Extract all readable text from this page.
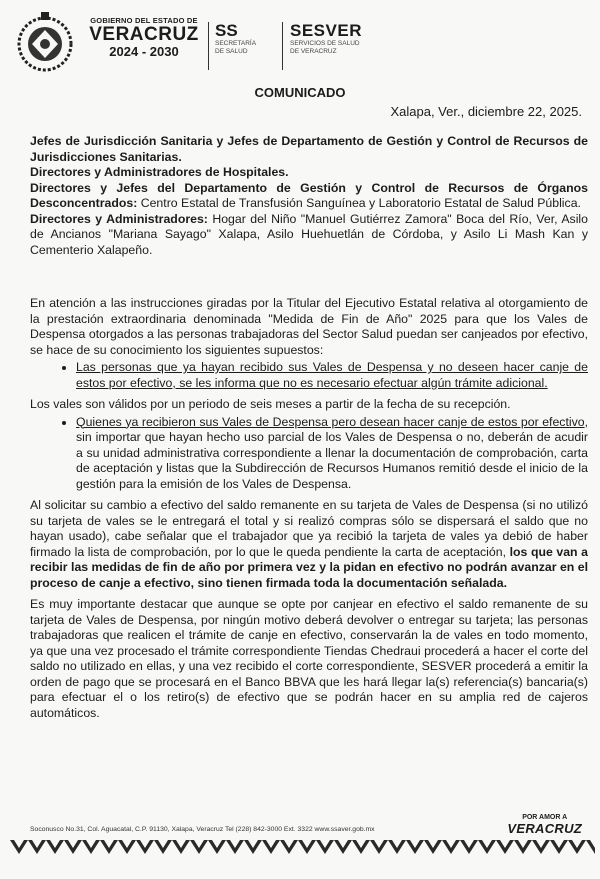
GOBIERNO DEL ESTADO DE
VERACRUZ
2024 - 2030
SS
SECRETARÍA
DE SALUD
SESVER
SERVICIOS DE SALUD
DE VERACRUZ
COMUNICADO
Xalapa, Ver., diciembre 22, 2025.

Jefes de Jurisdicción Sanitaria y Jefes de Departamento de Gestión y Control de Recursos de Jurisdicciones Sanitarias.

Directores y Administradores de Hospitales.

Directores y Jefes del Departamento de Gestión y Control de Recursos de Órganos Desconcentrados: Centro Estatal de Transfusión Sanguínea y Laboratorio Estatal de Salud Pública.

Directores y Administradores: Hogar del Niño "Manuel Gutiérrez Zamora" Boca del Río, Ver, Asilo de Ancianos "Mariana Sayago" Xalapa, Asilo Huehuetlán de Córdoba, y Asilo Li Mash Kan y Cementerio Xalapeño.

En atención a las instrucciones giradas por la Titular del Ejecutivo Estatal relativa al otorgamiento de la prestación extraordinaria denominada "Medida de Fin de Año" 2025 para que los Vales de Despensa otorgados a las personas trabajadoras del Sector Salud puedan ser canjeados por efectivo, se hace de su conocimiento los siguientes supuestos:

• Las personas que ya hayan recibido sus Vales de Despensa y no deseen hacer canje de estos por efectivo, se les informa que no es necesario efectuar algún trámite adicional.

Los vales son válidos por un periodo de seis meses a partir de la fecha de su recepción.

• Quienes ya recibieron sus Vales de Despensa pero desean hacer canje de estos por efectivo, sin importar que hayan hecho uso parcial de los Vales de Despensa o no, deberán de acudir a su unidad administrativa correspondiente a llenar la documentación de comprobación, carta de aceptación y listas que la Subdirección de Recursos Humanos remitió desde el inicio de la gestión para la emisión de los Vales de Despensa.

Al solicitar su cambio a efectivo del saldo remanente en su tarjeta de Vales de Despensa (si no utilizó su tarjeta de vales se le entregará el total y si realizó compras sólo se dispersará el saldo que no hayan usado), cabe señalar que el trabajador que ya recibió la tarjeta de vales ya debió de haber firmado la lista de comprobación, por lo que le queda pendiente la carta de aceptación, los que van a recibir las medidas de fin de año por primera vez y la pidan en efectivo no podrán avanzar en el proceso de canje a efectivo, sino tienen firmada toda la documentación señalada.

Es muy importante destacar que aunque se opte por canjear en efectivo el saldo remanente de su tarjeta de Vales de Despensa, por ningún motivo deberá devolver o entregar su tarjeta; las personas trabajadoras que realicen el trámite de canje en efectivo, conservarán la de vales en todo momento, ya que una vez procesado el trámite correspondiente Tiendas Chedraui procederá a hacer el corte del saldo no utilizado en ellas, y una vez recibido el corte correspondiente, SESVER procederá a emitir la orden de pago que se procesará en el Banco BBVA que les hará llegar la(s) referencia(s) bancaria(s) para efectuar el o los retiro(s) de efectivo que se podrán hacer en su amplia red de cajeros automáticos.

Soconusco No.31, Col. Aguacatal, C.P. 91130, Xalapa, Veracruz Tel (228) 842-3000 Ext. 3322 www.ssaver.gob.mx
POR AMOR A
VERACRUZ
